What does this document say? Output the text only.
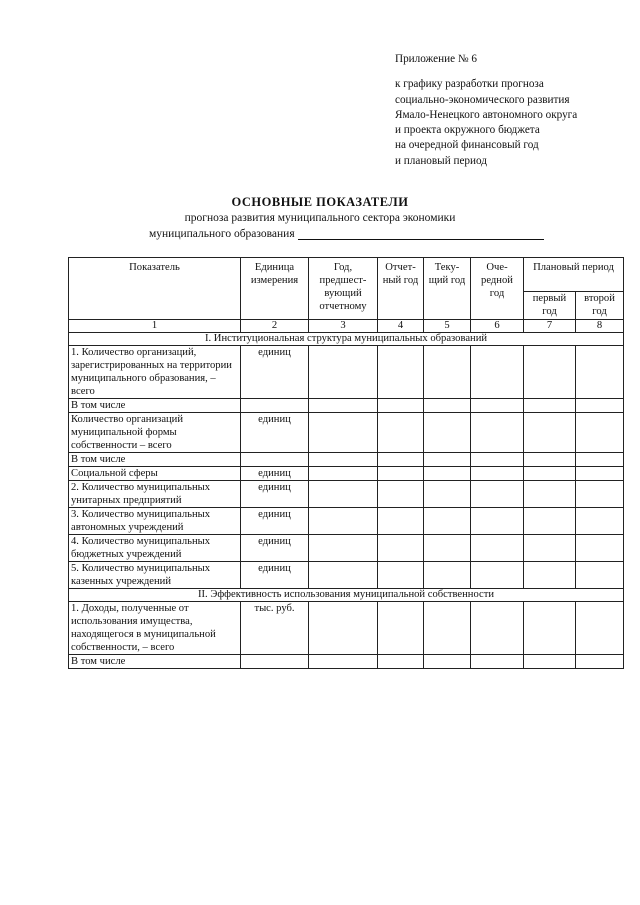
Приложение № 6
к графику разработки прогноза
социально-экономического развития
Ямало-Ненецкого автономного округа
и проекта окружного бюджета
на очередной финансовый год
и плановый период
ОСНОВНЫЕ ПОКАЗАТЕЛИ
прогноза развития муниципального сектора экономики
муниципального образования
Показатель	Единица измерения	Год, предшест-вующий отчетному	Отчет-ный год	Теку-щий год	Оче-редной год	Плановый период	
						первый год	второй год
1	2	3	4	5	6	7	8
I. Институциональная структура муниципальных образований							
1. Количество организаций, зарегистрированных на территории муниципального образования, – всего	единиц						
В том числе							
Количество организаций муниципальной формы собственности – всего	единиц						
В том числе							
Социальной сферы	единиц						
2. Количество муниципальных унитарных предприятий	единиц						
3. Количество муниципальных автономных учреждений	единиц						
4. Количество муниципальных бюджетных учреждений	единиц						
5. Количество муниципальных казенных учреждений	единиц						
II. Эффективность использования муниципальной собственности							
1. Доходы, полученные от использования имущества, находящегося в муниципальной собственности, – всего	тыс. руб.						
В том числе							
